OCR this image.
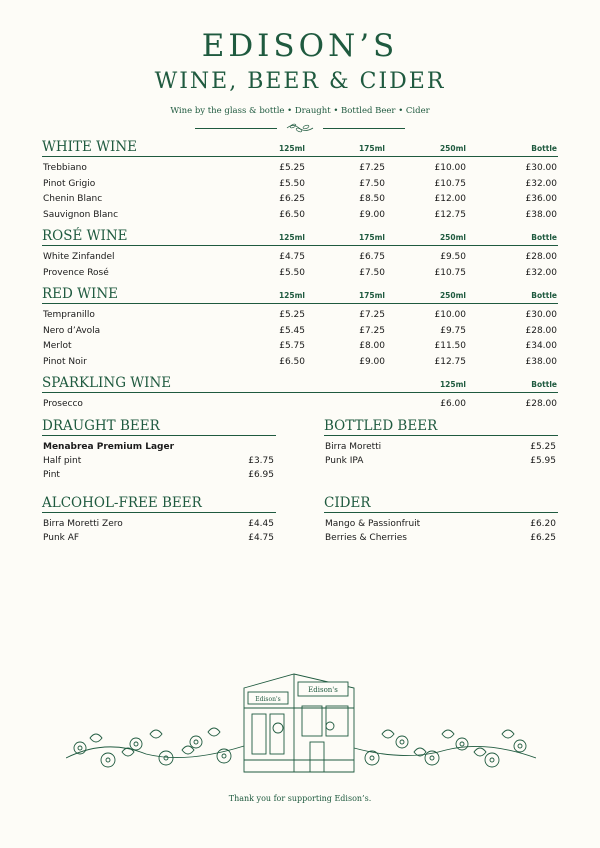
EDISON’S
WINE, BEER & CIDER
Wine by the glass & bottle • Draught • Bottled Beer • Cider
WHITE WINE	125ml	175ml	250ml	Bottle
Trebbiano	£5.25	£7.25	£10.00	£30.00
Pinot Grigio	£5.50	£7.50	£10.75	£32.00
Chenin Blanc	£6.25	£8.50	£12.00	£36.00
Sauvignon Blanc	£6.50	£9.00	£12.75	£38.00
ROSÉ WINE	125ml	175ml	250ml	Bottle
White Zinfandel	£4.75	£6.75	£9.50	£28.00
Provence Rosé	£5.50	£7.50	£10.75	£32.00
RED WINE	125ml	175ml	250ml	Bottle
Tempranillo	£5.25	£7.25	£10.00	£30.00
Nero d’Avola	£5.45	£7.25	£9.75	£28.00
Merlot	£5.75	£8.00	£11.50	£34.00
Pinot Noir	£6.50	£9.00	£12.75	£38.00
SPARKLING WINE	125ml	Bottle
Prosecco	£6.00	£28.00
DRAUGHT BEER
Menabrea Premium Lager
Half pint	£3.75
Pint	£6.95
BOTTLED BEER
Birra Moretti	£5.25
Punk IPA	£5.95
ALCOHOL-FREE BEER
Birra Moretti Zero	£4.45
Punk AF	£4.75
CIDER
Mango & Passionfruit	£6.20
Berries & Cherries	£6.25
Edison's
Edison's
Thank you for supporting Edison’s.
